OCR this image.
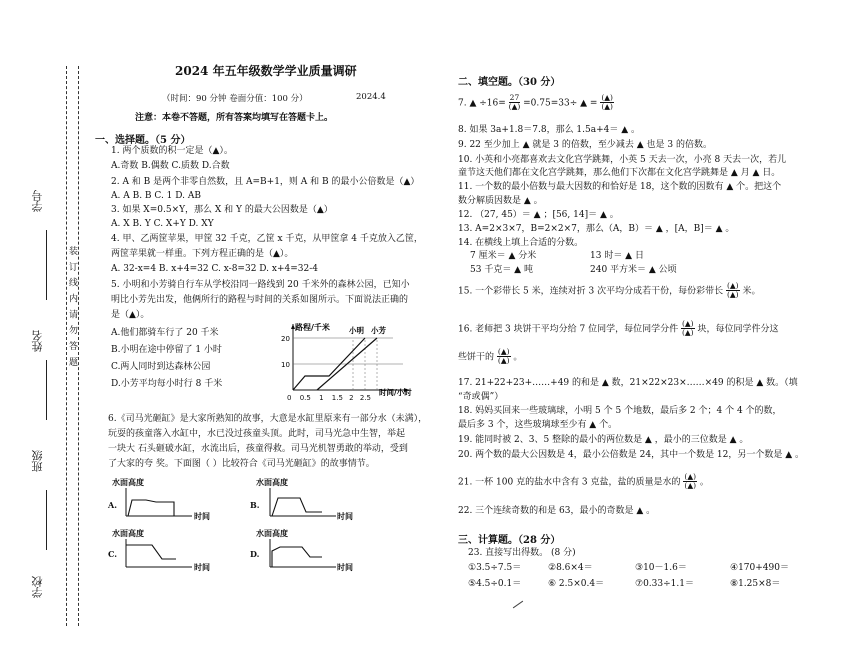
装 订 线 内 请 勿 答 题
学号
姓名
班级
学校
2024 年五年级数学学业质量调研
（时间：90 分钟 卷面分值：100 分）	2024.4
注意：本卷不答题，所有答案均填写在答题卡上。
一、选择题。（5 分）
1. 两个质数的积一定是（▲）。
A.奇数 B.偶数 C.质数 D.合数
2. A 和 B 是两个非零自然数，且 A=B+1，则 A 和 B 的最小公倍数是（▲）
A. A B. B C. 1 D. AB
3. 如果 X=0.5×Y，那么 X 和 Y 的最大公因数是（▲）
A. X B. Y C. X+Y D. XY
4. 甲、乙两筐苹果，甲筐 32 千克，乙筐 x 千克，从甲筐拿 4 千克放入乙筐，
两筐苹果就一样重。下列方程正确的是（▲）。
A. 32-x=4 B. x+4=32 C. x-8=32 D. x+4=32-4
5. 小明和小芳骑自行车从学校沿同一路线到 20 千米外的森林公园，已知小
明比小芳先出发，他俩所行的路程与时间的关系如图所示。下面说法正确的
是（▲）。
A.他们都骑车行了 20 千米
B.小明在途中停留了 1 小时
C.两人同时到达森林公园
D.小芳平均每小时行 8 千米
路程/千米
时间/小时
小明 小芳
20
10
0 0.5 1 1.5 2 2.5
6.《司马光砸缸》是大家所熟知的故事，大意是水缸里原来有一部分水（未满），
玩耍的孩童落入水缸中，水已没过孩童头顶。此时，司马光急中生智，举起
一块大 石头砸破水缸，水流出后，孩童得救。司马光机智勇敢的举动，受到
了大家的夸 奖。下面图（ ）比较符合《司马光砸缸》的故事情节。
水面高度
A.
时间
水面高度
B.
时间
水面高度
C.
时间
水面高度
D.
时间
二、填空题。（30 分）
7. ▲ $\div 16= \frac{27}{(▲)} =0.75=33\div$ ▲ = $\frac{(▲)}{(▲)}$
8. 如果 3a+1.8＝7.8，那么 1.5a+4＝ ▲ 。
9. 22 至少加上 ▲ 就是 3 的倍数，至少减去 ▲ 也是 3 的倍数。
10. 小英和小亮都喜欢去文化宫学跳舞，小英 5 天去一次，小亮 8 天去一次，若儿
童节这天他们都在文化宫学跳舞，那么他们下次都在文化宫学跳舞是 ▲ 月 ▲ 日。
11. 一个数的最小倍数与最大因数的和恰好是 18，这个数的因数有 ▲ 个。把这个
数分解质因数是 ▲ 。
12. （27, 45）＝ ▲ ；[56, 14]＝ ▲ 。
13. A=2×3×7，B=2×2×7，那么（A，B）＝ ▲ ，[A，B]＝ ▲ 。
14. 在横线上填上合适的分数。
7 厘米＝ ▲ 分米	13 时＝ ▲ 日
53 千克＝ ▲ 吨	240 平方米＝ ▲ 公顷
15. 一个彩带长 5 米，连续对折 3 次平均分成若干份，每份彩带长 $\frac{(▲)}{(▲)}$ 米。
16. 老师把 3 块饼干平均分给 7 位同学，每位同学分件 $\frac{(▲)}{(▲)}$ 块，每位同学件分这
些饼干的 $\frac{(▲)}{(▲)}$ 。
17. 21+22+23+……+49 的和是 ▲ 数，21×22×23×……×49 的积是 ▲ 数。（填
“奇或偶”）
18. 妈妈买回来一些玻璃球，小明 5 个 5 个地数，最后多 2 个；4 个 4 个的数，
最后多 3 个，这些玻璃球至少有 ▲ 个。
19. 能同时被 2、3、5 整除的最小的两位数是 ▲ ，最小的三位数是 ▲ 。
20. 两个数的最大公因数是 4，最小公倍数是 24，其中一个数是 12，另一个数是 ▲ 。
21. 一杯 100 克的盐水中含有 3 克盐，盐的质量是水的 $\frac{(▲)}{(▲)}$ 。
22. 三个连续奇数的和是 63，最小的奇数是 ▲ 。
三、计算题。（28 分）
23. 直接写出得数。 (8 分)
①3.5÷7.5＝	②8.6×4＝	③10－1.6＝	④170+490＝
⑤4.5÷0.1＝	⑥ 2.5×0.4＝	⑦0.33÷1.1＝	⑧1.25×8＝
